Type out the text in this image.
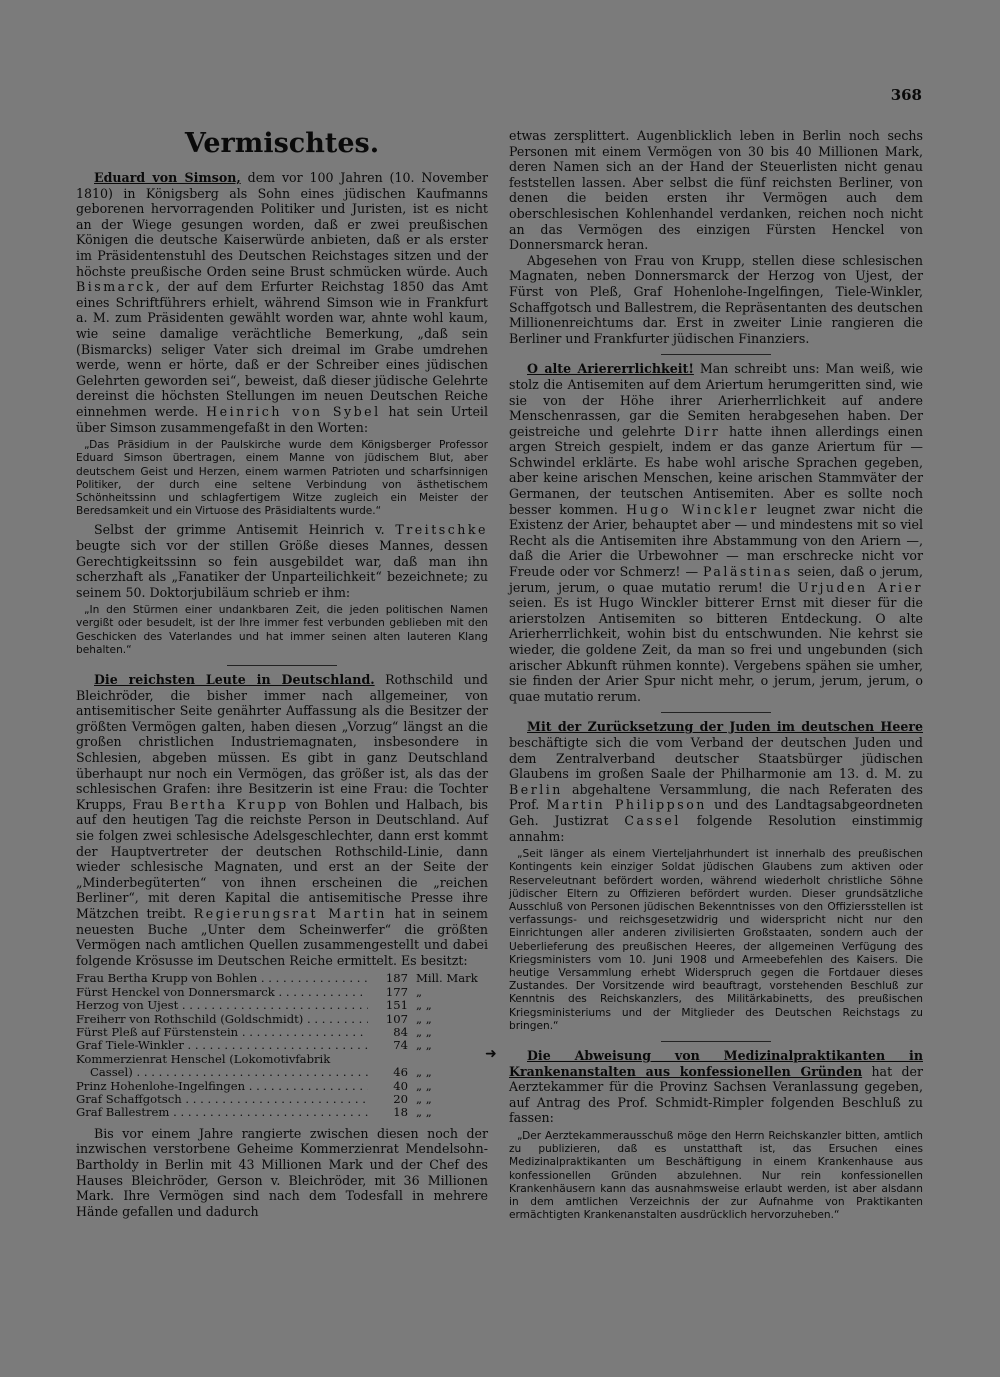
368
Vermischtes.

Eduard von Simson, dem vor 100 Jahren (10. November 1810) in Königsberg als Sohn eines jüdischen Kaufmanns geborenen hervorragenden Politiker und Juristen, ist es nicht an der Wiege gesungen worden, daß er zwei preußischen Königen die deutsche Kaiserwürde anbieten, daß er als erster im Präsidentenstuhl des Deutschen Reichstages sitzen und der höchste preußische Orden seine Brust schmücken würde. Auch Bismarck, der auf dem Erfurter Reichstag 1850 das Amt eines Schriftführers erhielt, während Simson wie in Frankfurt a. M. zum Präsidenten gewählt worden war, ahnte wohl kaum, wie seine damalige verächtliche Bemerkung, „daß sein (Bismarcks) seliger Vater sich dreimal im Grabe umdrehen werde, wenn er hörte, daß er der Schreiber eines jüdischen Gelehrten geworden sei“, beweist, daß dieser jüdische Gelehrte dereinst die höchsten Stellungen im neuen Deutschen Reiche einnehmen werde. Heinrich von Sybel hat sein Urteil über Simson zusammengefaßt in den Worten:

„Das Präsidium in der Paulskirche wurde dem Königsberger Professor Eduard Simson übertragen, einem Manne von jüdischem Blut, aber deutschem Geist und Herzen, einem warmen Patrioten und scharfsinnigen Politiker, der durch eine seltene Verbindung von ästhetischem Schönheitssinn und schlagfertigem Witze zugleich ein Meister der Beredsamkeit und ein Virtuose des Präsidialtents wurde.“

Selbst der grimme Antisemit Heinrich v. Treitschke beugte sich vor der stillen Größe dieses Mannes, dessen Gerechtigkeitssinn so fein ausgebildet war, daß man ihn scherzhaft als „Fanatiker der Unparteilichkeit“ bezeichnete; zu seinem 50. Doktorjubiläum schrieb er ihm:

„In den Stürmen einer undankbaren Zeit, die jeden politischen Namen vergißt oder besudelt, ist der Ihre immer fest verbunden geblieben mit den Geschicken des Vaterlandes und hat immer seinen alten lauteren Klang behalten.“

Die reichsten Leute in Deutschland. Rothschild und Bleichröder, die bisher immer nach allgemeiner, von antisemitischer Seite genährter Auffassung als die Besitzer der größten Vermögen galten, haben diesen „Vorzug“ längst an die großen christlichen Industriemagnaten, insbesondere in Schlesien, abgeben müssen. Es gibt in ganz Deutschland überhaupt nur noch ein Vermögen, das größer ist, als das der schlesischen Grafen: ihre Besitzerin ist eine Frau: die Tochter Krupps, Frau Bertha Krupp von Bohlen und Halbach, bis auf den heutigen Tag die reichste Person in Deutschland. Auf sie folgen zwei schlesische Adelsgeschlechter, dann erst kommt der Hauptvertreter der deutschen Rothschild-Linie, dann wieder schlesische Magnaten, und erst an der Seite der „Minderbegüterten“ von ihnen erscheinen die „reichen Berliner“, mit deren Kapital die antisemitische Presse ihre Mätzchen treibt. Regierungsrat Martin hat in seinem neuesten Buche „Unter dem Scheinwerfer“ die größten Vermögen nach amtlichen Quellen zusammengestellt und dabei folgende Krösusse im Deutschen Reiche ermittelt. Es besitzt:

Frau Bertha Krupp von Bohlen . . .	187 Mill. Mark
Fürst Henckel von Donnersmarck . . .	177 „
Herzog von Ujest . . .	151 „ „
Freiherr von Rothschild (Goldschmidt) . . .	107 „ „
Fürst Pleß auf Fürstenstein . . .	84 „ „
Graf Tiele-Winkler . . .	74 „ „
Kommerzienrat Henschel (Lokomotivfabrik
Cassel) . . .	46 „ „
Prinz Hohenlohe-Ingelfingen . . .	40 „ „
Graf Schaffgotsch . . .	20 „ „
Graf Ballestrem . . .	18 „ „

Bis vor einem Jahre rangierte zwischen diesen noch der inzwischen verstorbene Geheime Kommerzienrat Mendelsohn-Bartholdy in Berlin mit 43 Millionen Mark und der Chef des Hauses Bleichröder, Gerson v. Bleichröder, mit 36 Millionen Mark. Ihre Vermögen sind nach dem Todesfall in mehrere Hände gefallen und dadurch

➜

etwas zersplittert. Augenblicklich leben in Berlin noch sechs Personen mit einem Vermögen von 30 bis 40 Millionen Mark, deren Namen sich an der Hand der Steuerlisten nicht genau feststellen lassen. Aber selbst die fünf reichsten Berliner, von denen die beiden ersten ihr Vermögen auch dem oberschlesischen Kohlenhandel verdanken, reichen noch nicht an das Vermögen des einzigen Fürsten Henckel von Donnersmarck heran.

Abgesehen von Frau von Krupp, stellen diese schlesischen Magnaten, neben Donnersmarck der Herzog von Ujest, der Fürst von Pleß, Graf Hohenlohe-Ingelfingen, Tiele-Winkler, Schaffgotsch und Ballestrem, die Repräsentanten des deutschen Millionenreichtums dar. Erst in zweiter Linie rangieren die Berliner und Frankfurter jüdischen Finanziers.

O alte Ariererrlichkeit! Man schreibt uns: Man weiß, wie stolz die Antisemiten auf dem Ariertum herumgeritten sind, wie sie von der Höhe ihrer Arierherrlichkeit auf andere Menschenrassen, gar die Semiten herabgesehen haben. Der geistreiche und gelehrte Dirr hatte ihnen allerdings einen argen Streich gespielt, indem er das ganze Ariertum für — Schwindel erklärte. Es habe wohl arische Sprachen gegeben, aber keine arischen Menschen, keine arischen Stammväter der Germanen, der teutschen Antisemiten. Aber es sollte noch besser kommen. Hugo Winckler leugnet zwar nicht die Existenz der Arier, behauptet aber — und mindestens mit so viel Recht als die Antisemiten ihre Abstammung von den Ariern —, daß die Arier die Urbewohner — man erschrecke nicht vor Freude oder vor Schmerz! — Palästinas seien, daß o jerum, jerum, jerum, o quae mutatio rerum! die Urjuden Arier seien. Es ist Hugo Winckler bitterer Ernst mit dieser für die arierstolzen Antisemiten so bitteren Entdeckung. O alte Arierherrlichkeit, wohin bist du entschwunden. Nie kehrst sie wieder, die goldene Zeit, da man so frei und ungebunden (sich arischer Abkunft rühmen konnte). Vergebens spähen sie umher, sie finden der Arier Spur nicht mehr, o jerum, jerum, jerum, o quae mutatio rerum.

Mit der Zurücksetzung der Juden im deutschen Heere beschäftigte sich die vom Verband der deutschen Juden und dem Zentralverband deutscher Staatsbürger jüdischen Glaubens im großen Saale der Philharmonie am 13. d. M. zu Berlin abgehaltene Versammlung, die nach Referaten des Prof. Martin Philippson und des Landtagsabgeordneten Geh. Justizrat Cassel folgende Resolution einstimmig annahm:

„Seit länger als einem Vierteljahrhundert ist innerhalb des preußischen Kontingents kein einziger Soldat jüdischen Glaubens zum aktiven oder Reserveleutnant befördert worden, während wiederholt christliche Söhne jüdischer Eltern zu Offizieren befördert wurden. Dieser grundsätzliche Ausschluß von Personen jüdischen Bekenntnisses von den Offiziersstellen ist verfassungs- und reichsgesetzwidrig und widerspricht nicht nur den Einrichtungen aller anderen zivilisierten Großstaaten, sondern auch der Ueberlieferung des preußischen Heeres, der allgemeinen Verfügung des Kriegsministers vom 10. Juni 1908 und Armeebefehlen des Kaisers. Die heutige Versammlung erhebt Widerspruch gegen die Fortdauer dieses Zustandes. Der Vorsitzende wird beauftragt, vorstehenden Beschluß zur Kenntnis des Reichskanzlers, des Militärkabinetts, des preußischen Kriegsministeriums und der Mitglieder des Deutschen Reichstags zu bringen.“

Die Abweisung von Medizinalpraktikanten in Krankenanstalten aus konfessionellen Gründen hat der Aerztekammer für die Provinz Sachsen Veranlassung gegeben, auf Antrag des Prof. Schmidt-Rimpler folgenden Beschluß zu fassen:

„Der Aerztekammerausschuß möge den Herrn Reichskanzler bitten, amtlich zu publizieren, daß es unstatthaft ist, das Ersuchen eines Medizinalpraktikanten um Beschäftigung in einem Krankenhause aus konfessionellen Gründen abzulehnen. Nur rein konfessionellen Krankenhäusern kann das ausnahmsweise erlaubt werden, ist aber alsdann in dem amtlichen Verzeichnis der zur Aufnahme von Praktikanten ermächtigten Krankenanstalten ausdrücklich hervorzuheben.“
